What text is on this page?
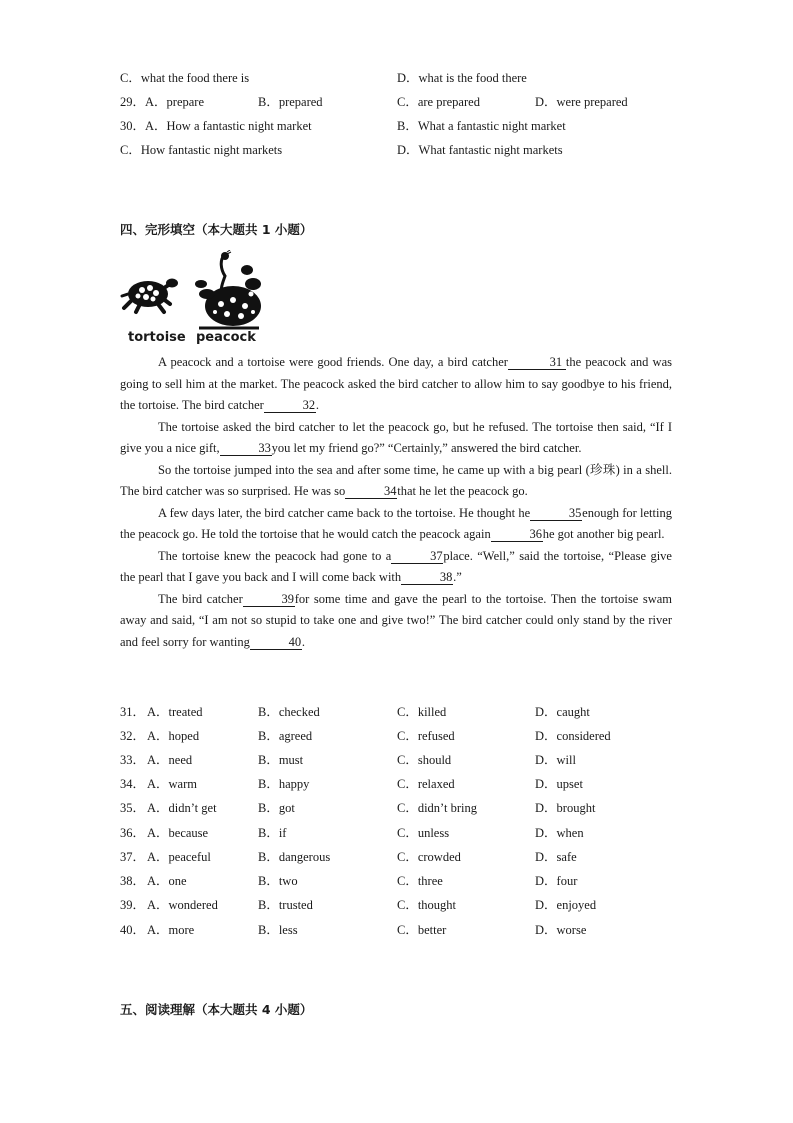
C．what the food there is	D．what is the food there
29．A．prepare	B．prepared	C．are prepared	D．were prepared
30．A．How a fantastic night market	B．What a fantastic night market
C．How fantastic night markets	D．What fantastic night markets
四、完形填空（本大题共 1 小题）
tortoise peacock

A peacock and a tortoise were good friends. One day, a bird catcher	31 the peacock and was going to sell him at the market. The peacock asked the bird catcher to allow him to say goodbye to his friend, the tortoise. The bird catcher	32.

The tortoise asked the bird catcher to let the peacock go, but he refused. The tortoise then said, “If I give you a nice gift,	33you let my friend go?” “Certainly,” answered the bird catcher.

So the tortoise jumped into the sea and after some time, he came up with a big pearl (珍珠) in a shell. The bird catcher was so surprised. He was so	34that he let the peacock go.

A few days later, the bird catcher came back to the tortoise. He thought he	35enough for letting the peacock go. He told the tortoise that he would catch the peacock again	36he got another big pearl.

The tortoise knew the peacock had gone to a	37place. “Well,” said the tortoise, “Please give the pearl that I gave you back and I will come back with	38.”

The bird catcher	39for some time and gave the pearl to the tortoise. Then the tortoise swam away and said, “I am not so stupid to take one and give two!” The bird catcher could only stand by the river and feel sorry for wanting	40.

31． A．treated	B．checked	C．killed	D．caught
32． A．hoped	B．agreed	C．refused	D．considered
33． A．need	B．must	C．should	D．will
34． A．warm	B．happy	C．relaxed	D．upset
35． A．didn’t get	B．got	C．didn’t bring	D．brought
36． A．because	B．if	C．unless	D．when
37． A．peaceful	B．dangerous	C．crowded	D．safe
38． A．one	B．two	C．three	D．four
39． A．wondered	B．trusted	C．thought	D．enjoyed
40． A．more	B．less	C．better	D．worse
五、阅读理解（本大题共 4 小题）
